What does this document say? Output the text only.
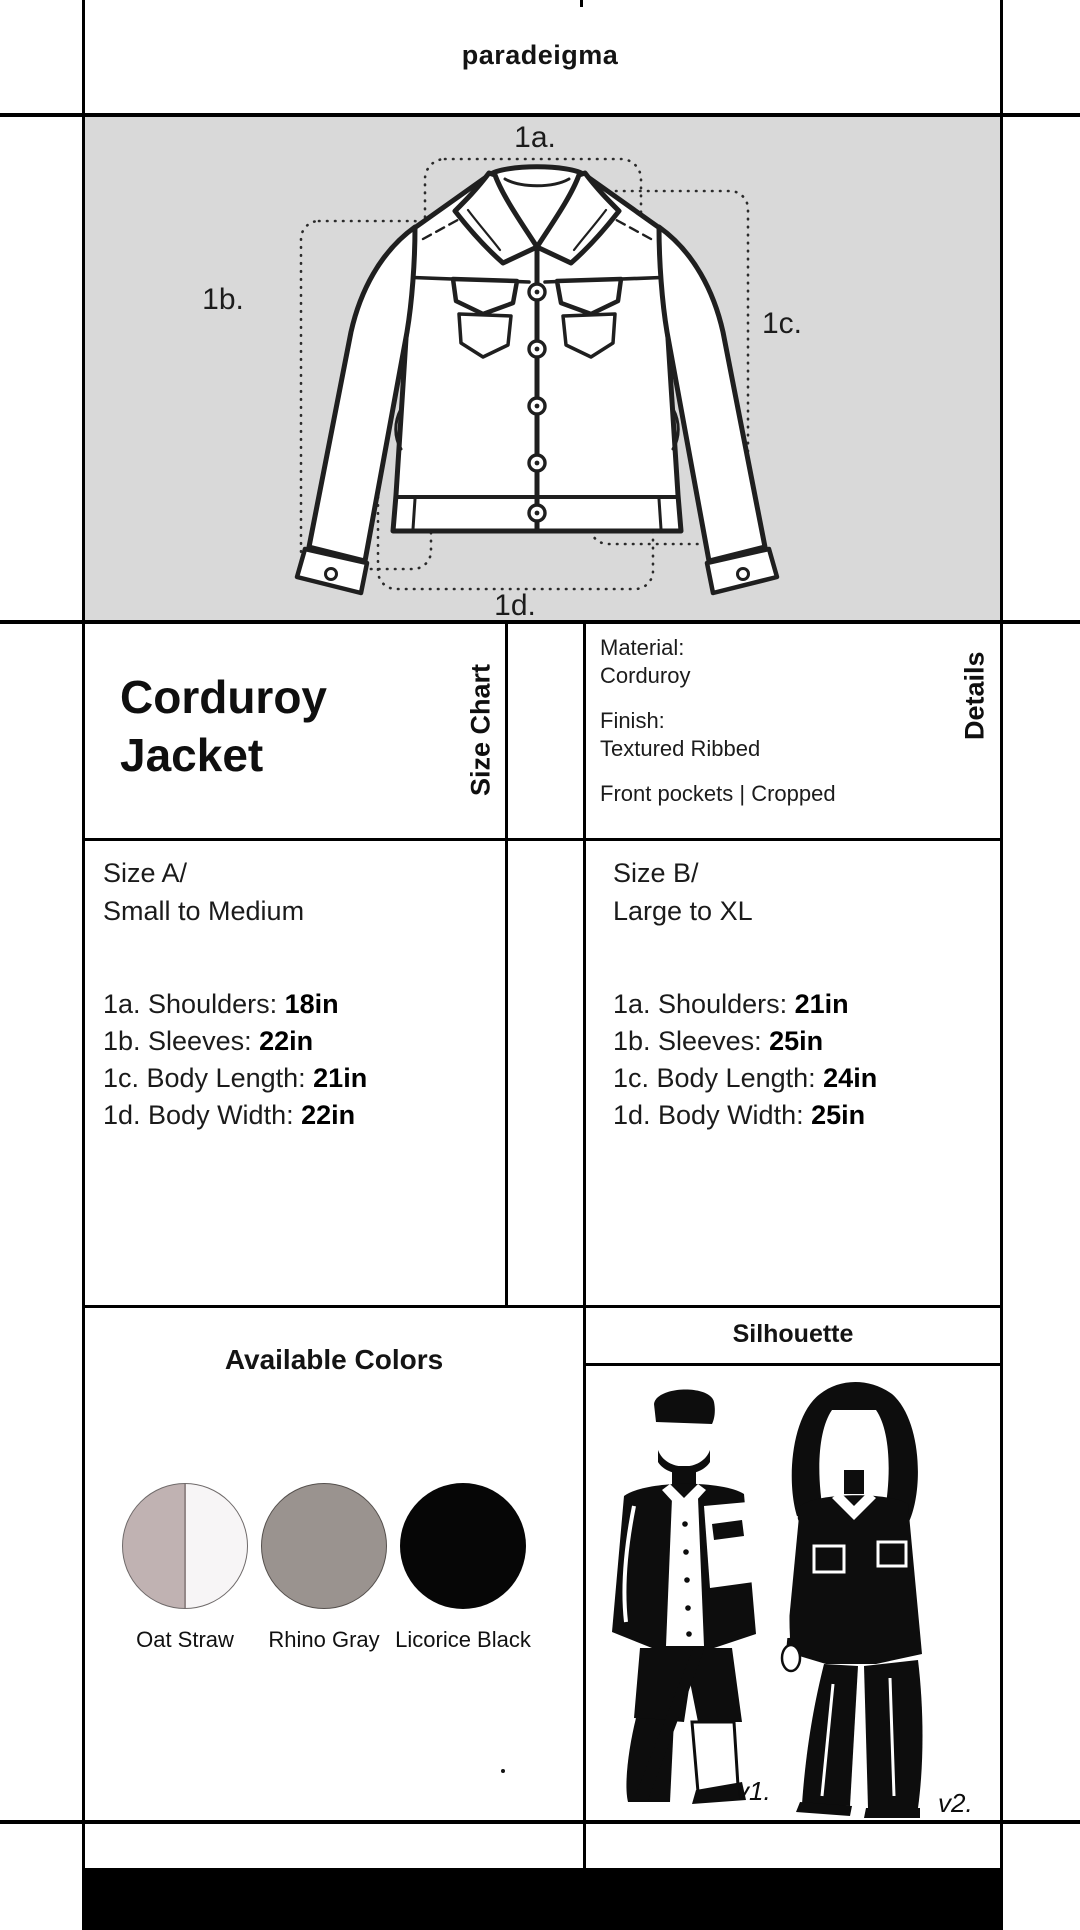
paradeigma
1a.
1b.
1c.
1d.
Corduroy
Jacket	Size Chart
Material:
Corduroy
Finish:
Textured Ribbed
Front pockets | Cropped
Details
Size A/
Small to Medium
1a. Shoulders: 18in
1b. Sleeves: 22in
1c. Body Length: 21in
1d. Body Width: 22in
Size B/
Large to XL
1a. Shoulders: 21in
1b. Sleeves: 25in
1c. Body Length: 24in
1d. Body Width: 25in
Available Colors
Oat Straw Rhino Gray Licorice Black
Silhouette
v1.	v2.
